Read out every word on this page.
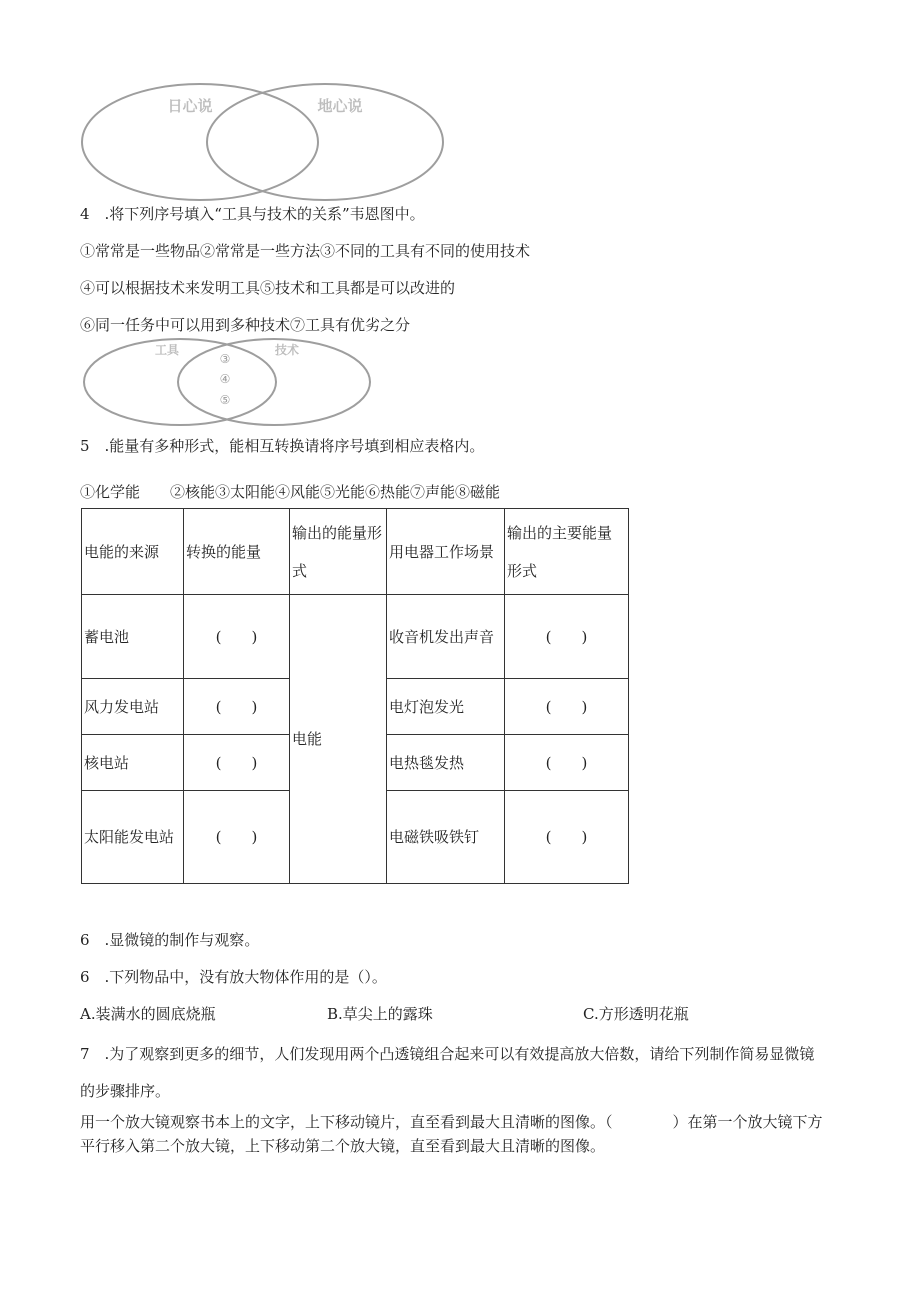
日心说	地心说
4　.将下列序号填入“工具与技术的关系”韦恩图中。
①常常是一些物品②常常是一些方法③不同的工具有不同的使用技术
④可以根据技术来发明工具⑤技术和工具都是可以改进的
⑥同一任务中可以用到多种技术⑦工具有优劣之分
工具	技术
③
④
⑤
5　.能量有多种形式，能相互转换请将序号填到相应表格内。
①化学能　　②核能③太阳能④风能⑤光能⑥热能⑦声能⑧磁能
电能的来源	转换的能量	输出的能量形式	用电器工作场景	输出的主要能量形式
蓄电池	(　　)	电能	收音机发出声音	(　　)
风力发电站	(　　)		电灯泡发光	(　　)
核电站	(　　)		电热毯发热	(　　)
太阳能发电站	(　　)		电磁铁吸铁钉	(　　)
6　.显微镜的制作与观察。
6　.下列物品中，没有放大物体作用的是（）。
A.装满水的圆底烧瓶	B.草尖上的露珠	C.方形透明花瓶
7　.为了观察到更多的细节，人们发现用两个凸透镜组合起来可以有效提高放大倍数，请给下列制作简易显微镜的步骤排序。
用一个放大镜观察书本上的文字，上下移动镜片，直至看到最大且清晰的图像。（　　　　）在第一个放大镜下方平行移入第二个放大镜，上下移动第二个放大镜，直至看到最大且清晰的图像。
